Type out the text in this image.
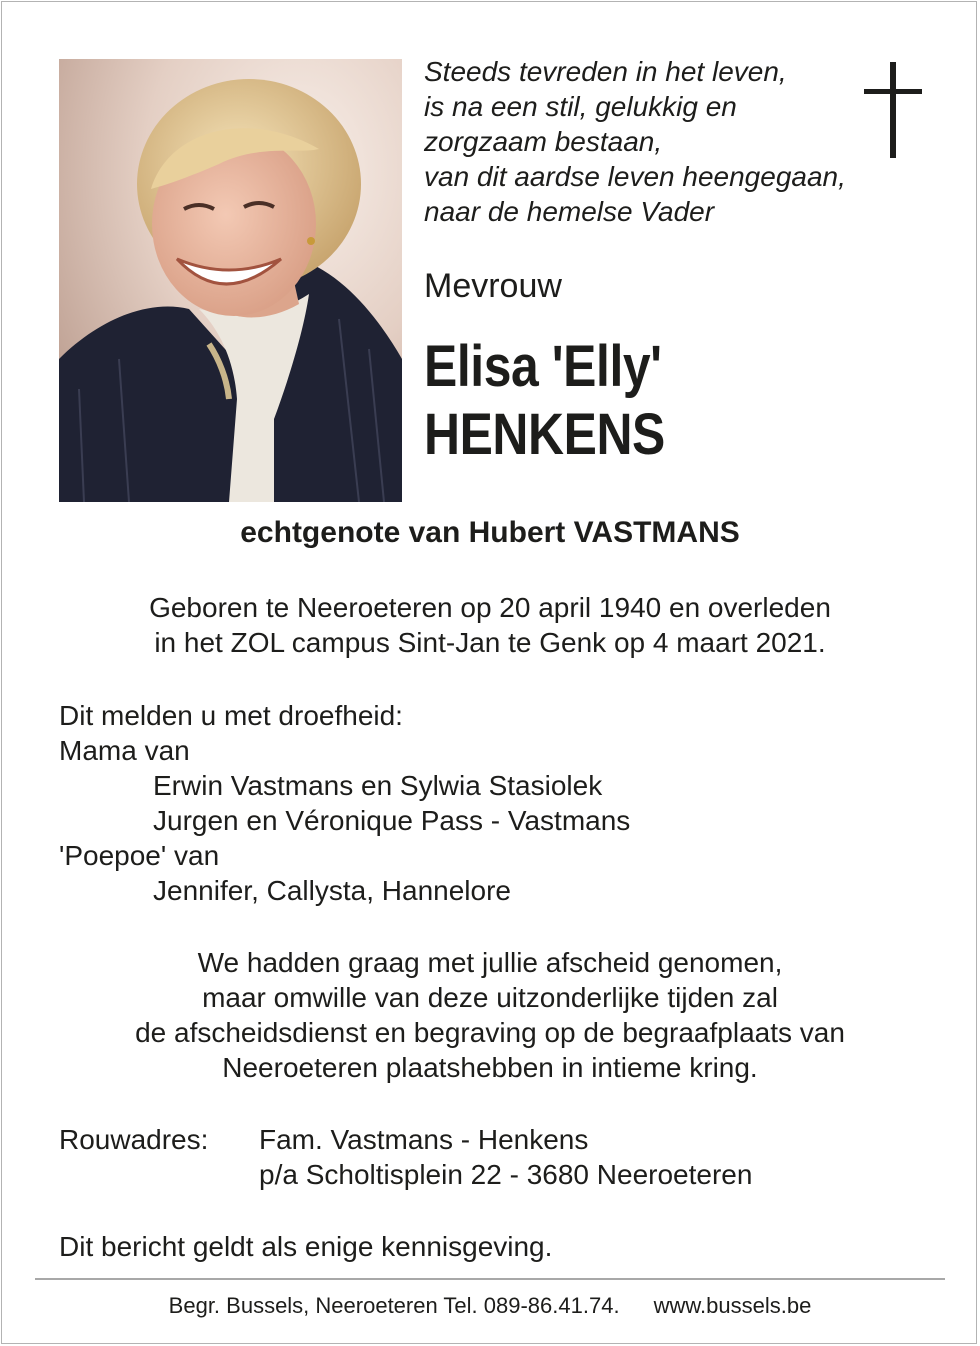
Steeds tevreden in het leven,
is na een stil, gelukkig en
zorgzaam bestaan,
van dit aardse leven heengegaan,
naar de hemelse Vader
Mevrouw
Elisa 'Elly'
HENKENS
echtgenote van Hubert VASTMANS
Geboren te Neeroeteren op 20 april 1940 en overleden
in het ZOL campus Sint-Jan te Genk op 4 maart 2021.
Dit melden u met droefheid:
Mama van
Erwin Vastmans en Sylwia Stasiolek
Jurgen en Véronique Pass - Vastmans
'Poepoe' van
Jennifer, Callysta, Hannelore
We hadden graag met jullie afscheid genomen,
maar omwille van deze uitzonderlijke tijden zal
de afscheidsdienst en begraving op de begraafplaats van
Neeroeteren plaatshebben in intieme kring.
Rouwadres: Fam. Vastmans - Henkens
p/a Scholtisplein 22 - 3680 Neeroeteren
Dit bericht geldt als enige kennisgeving.
Begr. Bussels, Neeroeteren Tel. 089-86.41.74. www.bussels.be
